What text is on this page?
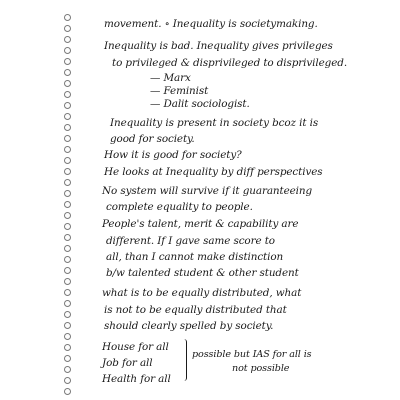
movement. ∘ Inequality is societymaking.
Inequality is bad. Inequality gives privileges
to privileged & disprivileged to disprivileged.
— Marx
— Feminist
— Dalit sociologist.
Inequality is present in society bcoz it is
good for society.
How it is good for society?
He looks at Inequality by diff perspectives
No system will survive if it guaranteeing
complete equality to people.
People's talent, merit & capability are
different. If I gave same score to
all, than I cannot make distinction
b/w talented student & other student
what is to be equally distributed, what
is not to be equally distributed that
should clearly spelled by society.
House for all
Job for all
Health for all
possible but IAS for all is
not possible
